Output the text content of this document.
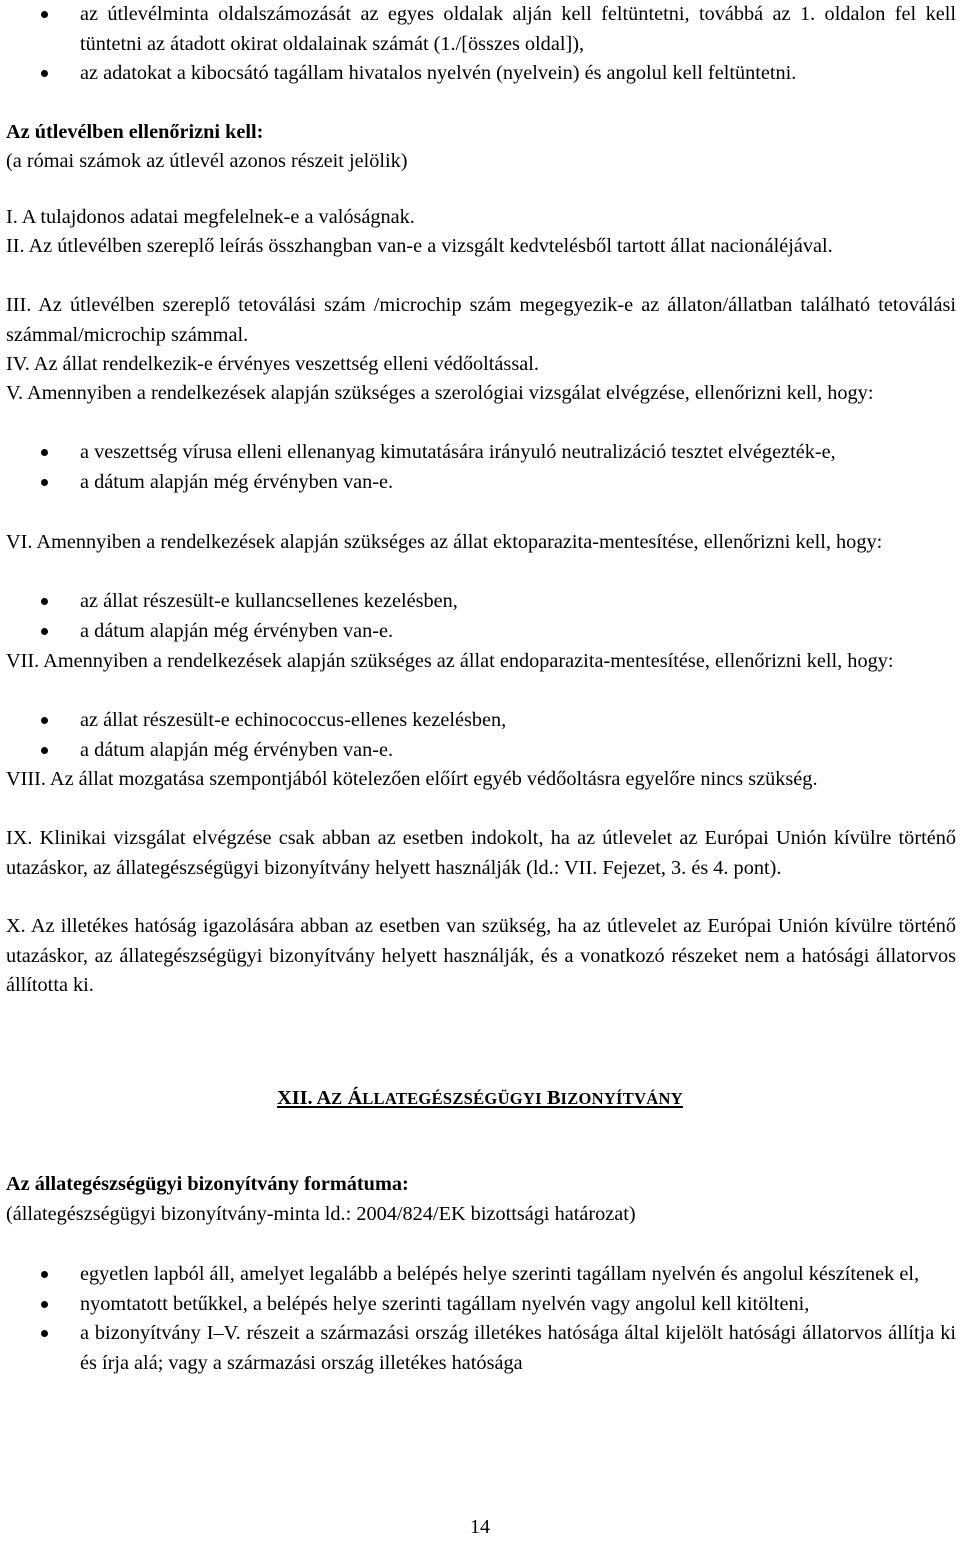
az útlevélminta oldalszámozását az egyes oldalak alján kell feltüntetni, továbbá az 1. oldalon fel kell tüntetni az átadott okirat oldalainak számát (1./[összes oldal]),
az adatokat a kibocsátó tagállam hivatalos nyelvén (nyelvein) és angolul kell feltüntetni.
Az útlevélben ellenőrizni kell:
(a római számok az útlevél azonos részeit jelölik)
I. A tulajdonos adatai megfelelnek-e a valóságnak.
II. Az útlevélben szereplő leírás összhangban van-e a vizsgált kedvtelésből tartott állat nacionáléjával.
III. Az útlevélben szereplő tetoválási szám /microchip szám megegyezik-e az állaton/állatban található tetoválási számmal/microchip számmal.
IV. Az állat rendelkezik-e érvényes veszettség elleni védőoltással.
V. Amennyiben a rendelkezések alapján szükséges a szerológiai vizsgálat elvégzése, ellenőrizni kell, hogy:
a veszettség vírusa elleni ellenanyag kimutatására irányuló neutralizáció tesztet elvégezték-e,
a dátum alapján még érvényben van-e.
VI. Amennyiben a rendelkezések alapján szükséges az állat ektoparazita-mentesítése, ellenőrizni kell, hogy:
az állat részesült-e kullancsellenes kezelésben,
a dátum alapján még érvényben van-e.
VII. Amennyiben a rendelkezések alapján szükséges az állat endoparazita-mentesítése, ellenőrizni kell, hogy:
az állat részesült-e echinococcus-ellenes kezelésben,
a dátum alapján még érvényben van-e.
VIII. Az állat mozgatása szempontjából kötelezően előírt egyéb védőoltásra egyelőre nincs szükség.
IX. Klinikai vizsgálat elvégzése csak abban az esetben indokolt, ha az útlevelet az Európai Unión kívülre történő utazáskor, az állategészségügyi bizonyítvány helyett használják (ld.: VII. Fejezet, 3. és 4. pont).
X. Az illetékes hatóság igazolására abban az esetben van szükség, ha az útlevelet az Európai Unión kívülre történő utazáskor, az állategészségügyi bizonyítvány helyett használják, és a vonatkozó részeket nem a hatósági állatorvos állította ki.
XII. AZ ÁLLATEGÉSZSÉGÜGYI BIZONYÍTVÁNY
Az állategészségügyi bizonyítvány formátuma:
(állategészségügyi bizonyítvány-minta ld.: 2004/824/EK bizottsági határozat)
egyetlen lapból áll, amelyet legalább a belépés helye szerinti tagállam nyelvén és angolul készítenek el,
nyomtatott betűkkel, a belépés helye szerinti tagállam nyelvén vagy angolul kell kitölteni,
a bizonyítvány I–V. részeit a származási ország illetékes hatósága által kijelölt hatósági állatorvos állítja ki és írja alá; vagy a származási ország illetékes hatósága
14
